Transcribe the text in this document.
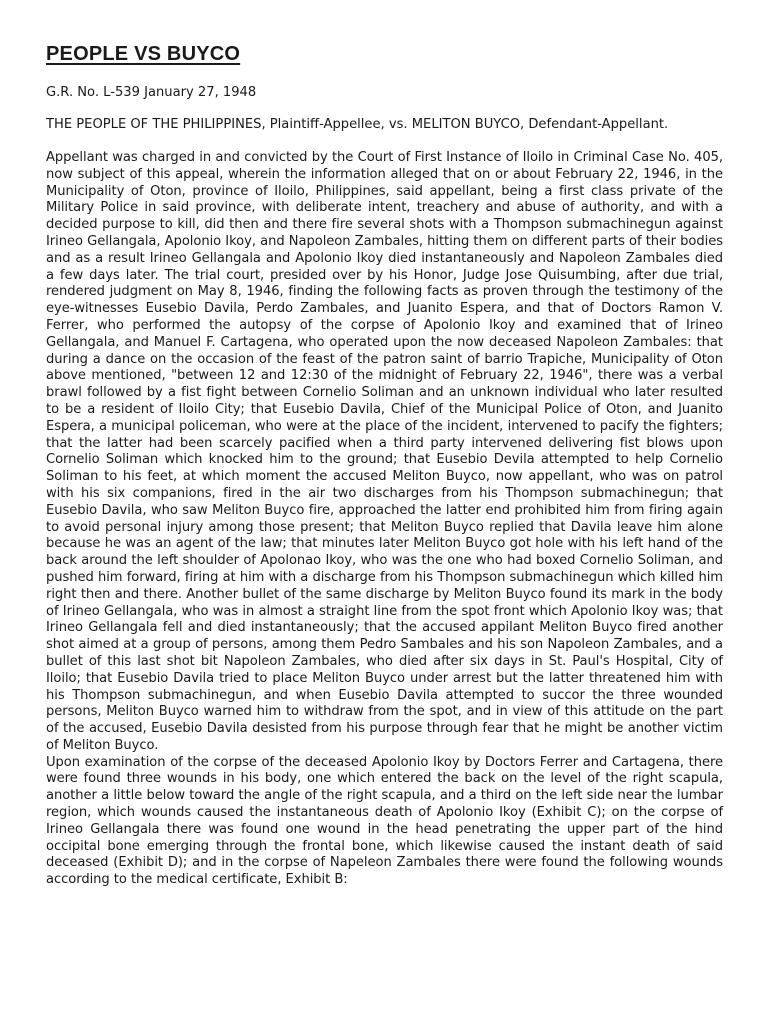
PEOPLE VS BUYCO

G.R. No. L-539 January 27, 1948

THE PEOPLE OF THE PHILIPPINES, Plaintiff-Appellee, vs. MELITON BUYCO, Defendant-Appellant.

Appellant was charged in and convicted by the Court of First Instance of Iloilo in Criminal Case No. 405, now subject of this appeal, wherein the information alleged that on or about February 22, 1946, in the Municipality of Oton, province of Iloilo, Philippines, said appellant, being a first class private of the Military Police in said province, with deliberate intent, treachery and abuse of authority, and with a decided purpose to kill, did then and there fire several shots with a Thompson submachinegun against Irineo Gellangala, Apolonio Ikoy, and Napoleon Zambales, hitting them on different parts of their bodies and as a result Irineo Gellangala and Apolonio Ikoy died instantaneously and Napoleon Zambales died a few days later. The trial court, presided over by his Honor, Judge Jose Quisumbing, after due trial, rendered judgment on May 8, 1946, finding the following facts as proven through the testimony of the eye-witnesses Eusebio Davila, Perdo Zambales, and Juanito Espera, and that of Doctors Ramon V. Ferrer, who performed the autopsy of the corpse of Apolonio Ikoy and examined that of Irineo Gellangala, and Manuel F. Cartagena, who operated upon the now deceased Napoleon Zambales: that during a dance on the occasion of the feast of the patron saint of barrio Trapiche, Municipality of Oton above mentioned, "between 12 and 12:30 of the midnight of February 22, 1946", there was a verbal brawl followed by a fist fight between Cornelio Soliman and an unknown individual who later resulted to be a resident of Iloilo City; that Eusebio Davila, Chief of the Municipal Police of Oton, and Juanito Espera, a municipal policeman, who were at the place of the incident, intervened to pacify the fighters; that the latter had been scarcely pacified when a third party intervened delivering fist blows upon Cornelio Soliman which knocked him to the ground; that Eusebio Devila attempted to help Cornelio Soliman to his feet, at which moment the accused Meliton Buyco, now appellant, who was on patrol with his six companions, fired in the air two discharges from his Thompson submachinegun; that Eusebio Davila, who saw Meliton Buyco fire, approached the latter end prohibited him from firing again to avoid personal injury among those present; that Meliton Buyco replied that Davila leave him alone because he was an agent of the law; that minutes later Meliton Buyco got hole with his left hand of the back around the left shoulder of Apolonao Ikoy, who was the one who had boxed Cornelio Soliman, and pushed him forward, firing at him with a discharge from his Thompson submachinegun which killed him right then and there. Another bullet of the same discharge by Meliton Buyco found its mark in the body of Irineo Gellangala, who was in almost a straight line from the spot front which Apolonio Ikoy was; that Irineo Gellangala fell and died instantaneously; that the accused appilant Meliton Buyco fired another shot aimed at a group of persons, among them Pedro Sambales and his son Napoleon Zambales, and a bullet of this last shot bit Napoleon Zambales, who died after six days in St. Paul's Hospital, City of Iloilo; that Eusebio Davila tried to place Meliton Buyco under arrest but the latter threatened him with his Thompson submachinegun, and when Eusebio Davila attempted to succor the three wounded persons, Meliton Buyco warned him to withdraw from the spot, and in view of this attitude on the part of the accused, Eusebio Davila desisted from his purpose through fear that he might be another victim of Meliton Buyco.

Upon examination of the corpse of the deceased Apolonio Ikoy by Doctors Ferrer and Cartagena, there were found three wounds in his body, one which entered the back on the level of the right scapula, another a little below toward the angle of the right scapula, and a third on the left side near the lumbar region, which wounds caused the instantaneous death of Apolonio Ikoy (Exhibit C); on the corpse of Irineo Gellangala there was found one wound in the head penetrating the upper part of the hind occipital bone emerging through the frontal bone, which likewise caused the instant death of said deceased (Exhibit D); and in the corpse of Napeleon Zambales there were found the following wounds according to the medical certificate, Exhibit B:
